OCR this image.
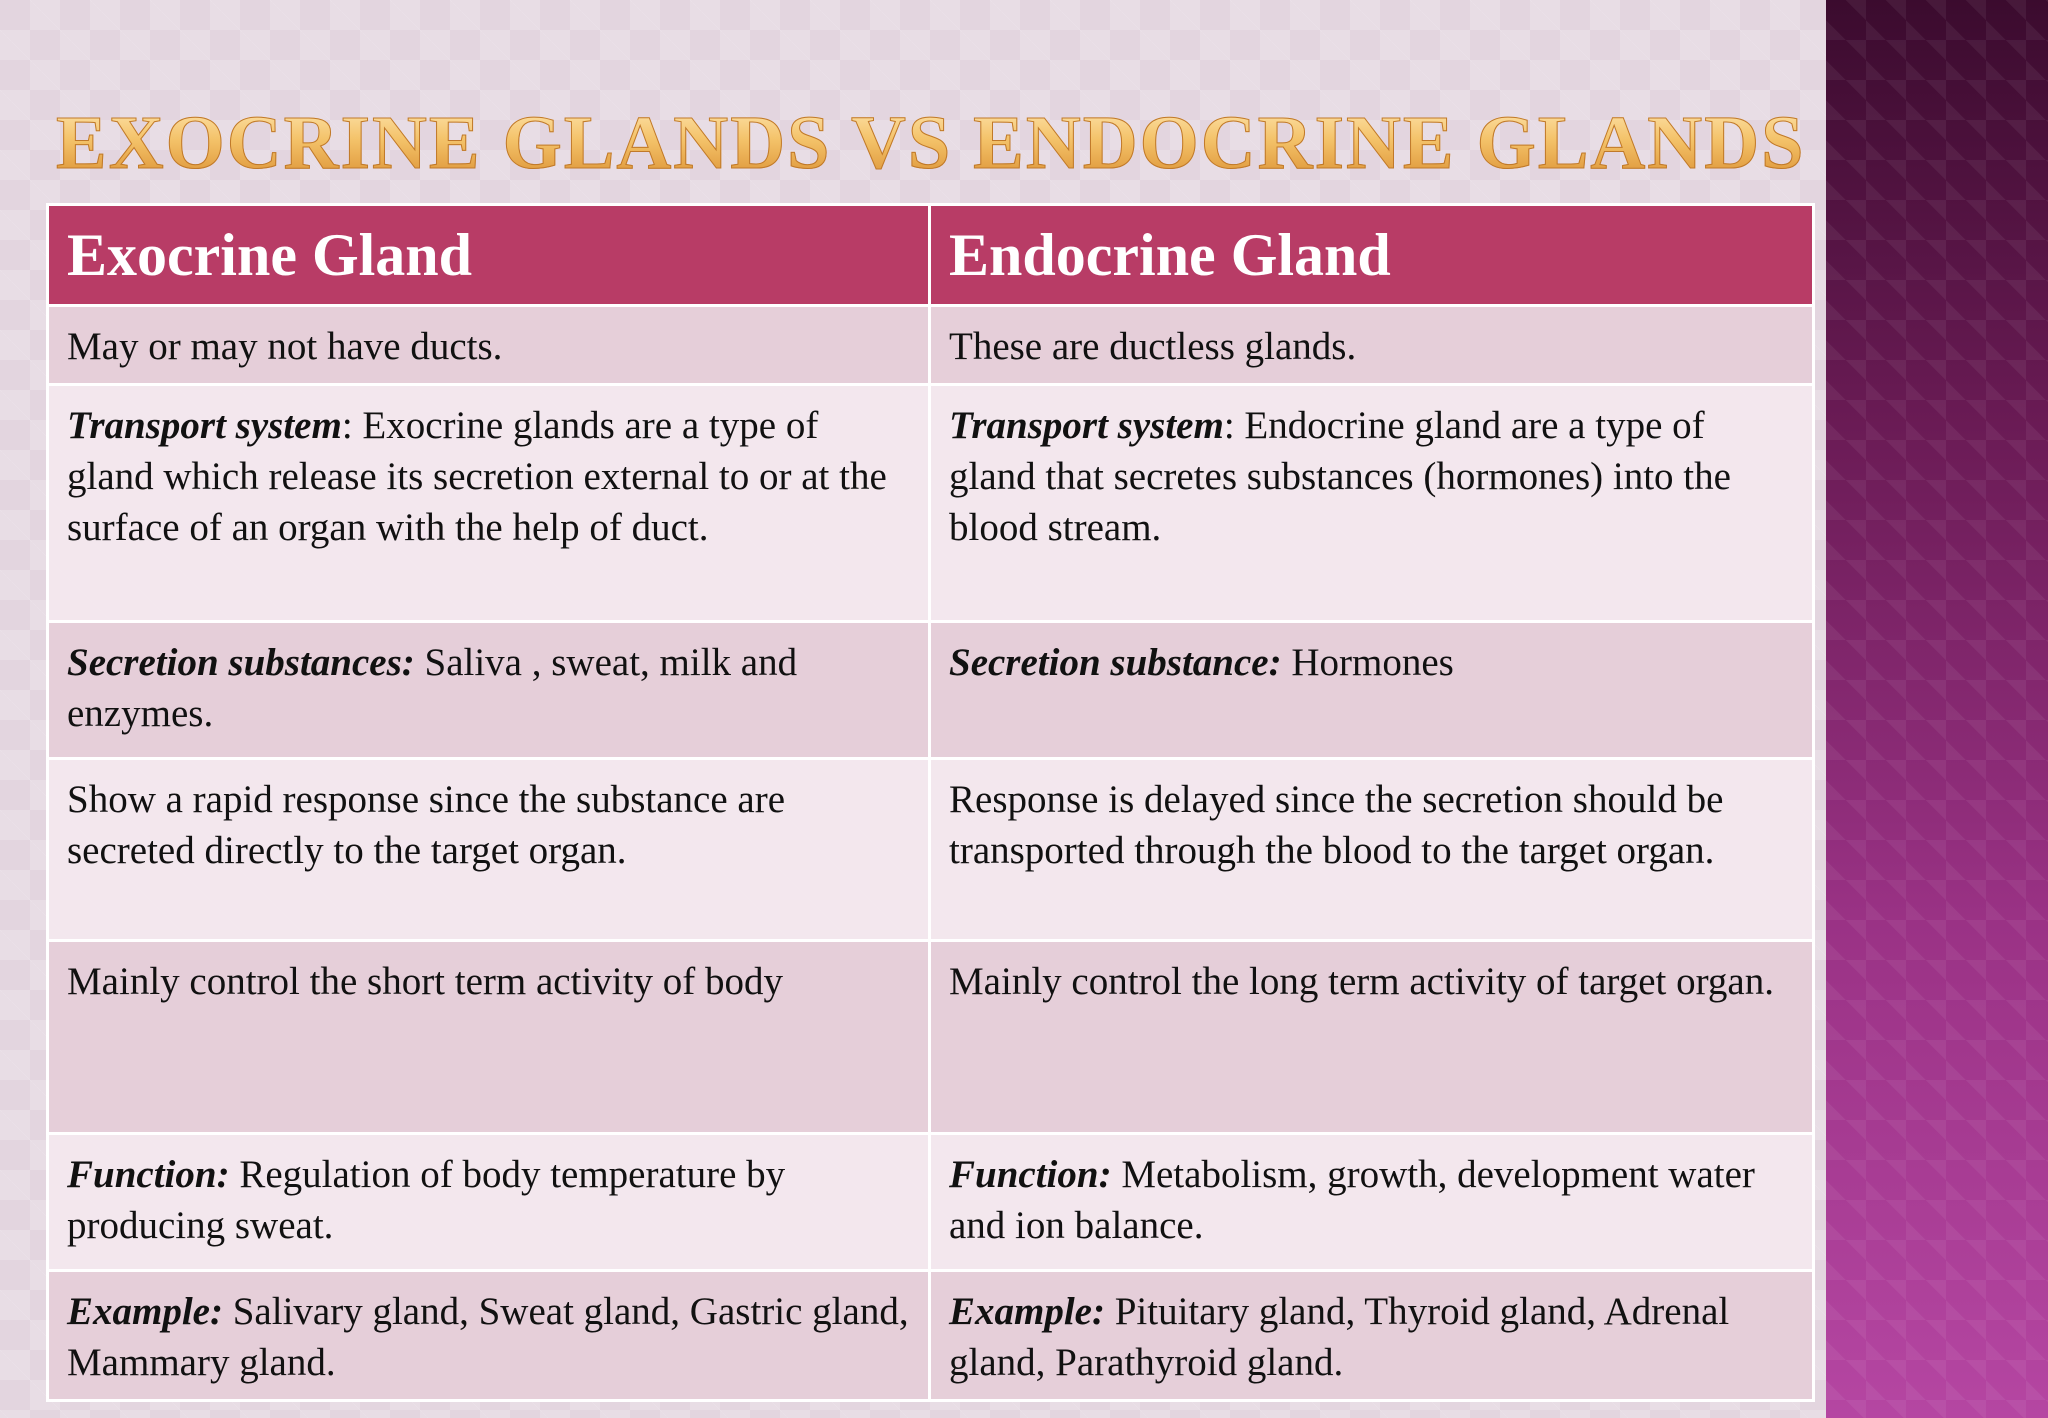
EXOCRINE GLANDS VS ENDOCRINE GLANDS
Exocrine Gland	Endocrine Gland
May or may not have ducts.	These are ductless glands.
Transport system: Exocrine glands are a type of gland which release its secretion external to or at the surface of an organ with the help of duct.	Transport system: Endocrine gland are a type of gland that secretes substances (hormones) into the blood stream.
Secretion substances: Saliva , sweat, milk and enzymes.	Secretion substance: Hormones
Show a rapid response since the substance are secreted directly to the target organ.	Response is delayed since the secretion should be transported through the blood to the target organ.
Mainly control the short term activity of body	Mainly control the long term activity of target organ.
Function: Regulation of body temperature by producing sweat.	Function: Metabolism, growth, development water and ion balance.
Example: Salivary gland, Sweat gland, Gastric gland, Mammary gland.	Example: Pituitary gland, Thyroid gland, Adrenal gland, Parathyroid gland.
